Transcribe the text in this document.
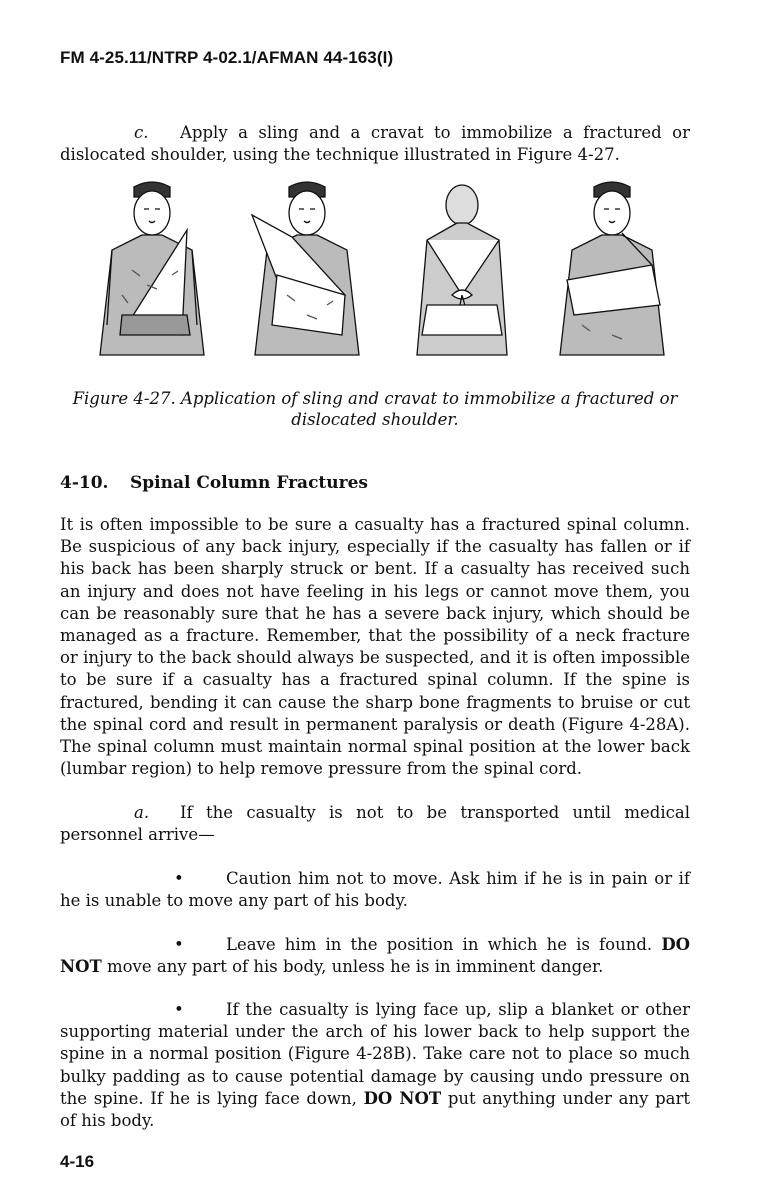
FM 4-25.11/NTRP 4-02.1/AFMAN 44-163(I)
c. Apply a sling and a cravat to immobilize a fractured or dislocated shoulder, using the technique illustrated in Figure 4-27.
Figure 4-27. Application of sling and cravat to immobilize a fractured or
dislocated shoulder.
4-10. Spinal Column Fractures
It is often impossible to be sure a casualty has a fractured spinal column. Be suspicious of any back injury, especially if the casualty has fallen or if his back has been sharply struck or bent. If a casualty has received such an injury and does not have feeling in his legs or cannot move them, you can be reasonably sure that he has a severe back injury, which should be managed as a fracture. Remember, that the possibility of a neck fracture or injury to the back should always be suspected, and it is often impossible to be sure if a casualty has a fractured spinal column. If the spine is fractured, bending it can cause the sharp bone fragments to bruise or cut the spinal cord and result in permanent paralysis or death (Figure 4-28A). The spinal column must maintain normal spinal position at the lower back (lumbar region) to help remove pressure from the spinal cord.
a. If the casualty is not to be transported until medical personnel arrive—
•	Caution him not to move. Ask him if he is in pain or if he is unable to move any part of his body.
•	Leave him in the position in which he is found. DO NOT move any part of his body, unless he is in imminent danger.
•	If the casualty is lying face up, slip a blanket or other supporting material under the arch of his lower back to help support the spine in a normal position (Figure 4-28B). Take care not to place so much bulky padding as to cause potential damage by causing undo pressure on the spine. If he is lying face down, DO NOT put anything under any part of his body.
4-16
